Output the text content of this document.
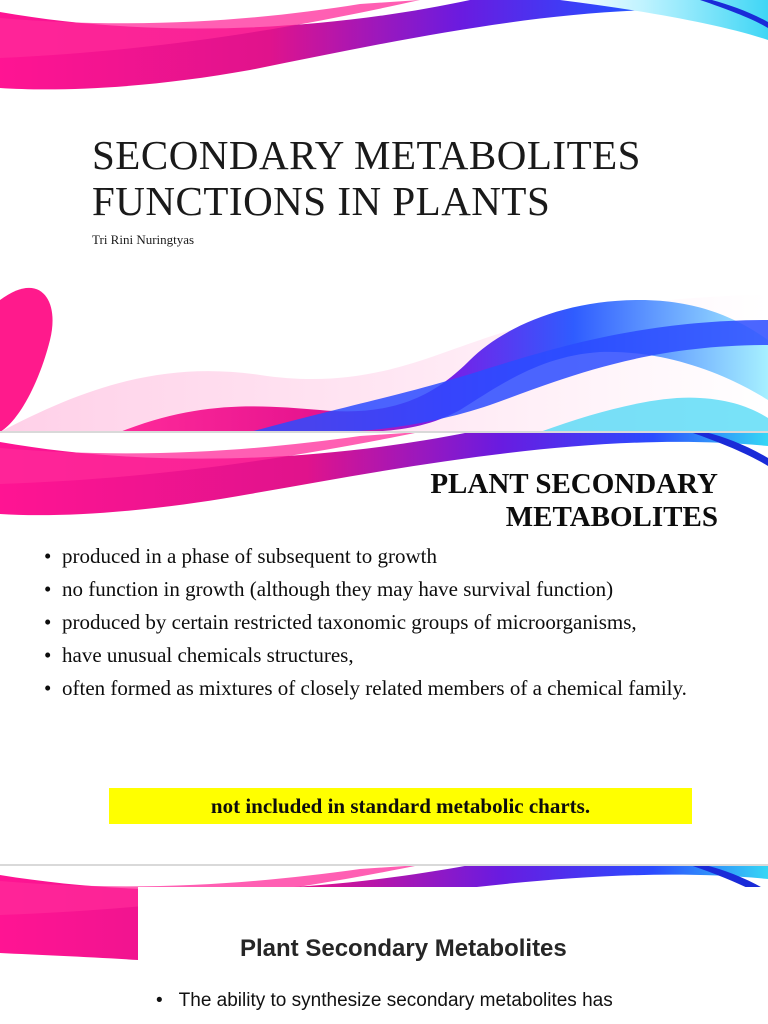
SECONDARY METABOLITES
FUNCTIONS IN PLANTS
Tri Rini Nuringtyas
PLANT SECONDARY
METABOLITES
• produced in a phase of subsequent to growth
• no function in growth (although they may have survival function)
• produced by certain restricted taxonomic groups of microorganisms,
• have unusual chemicals structures,
• often formed as mixtures of closely related members of a chemical family.
not included in standard metabolic charts.
Plant Secondary Metabolites
• The ability to synthesize secondary metabolites has
